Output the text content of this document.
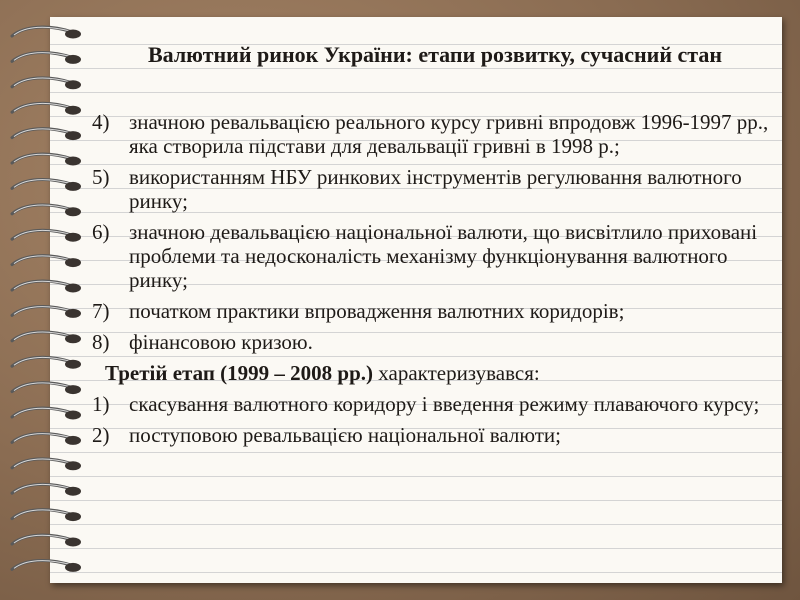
Валютний ринок України: етапи розвитку, сучасний стан
4) значною ревальвацією реального курсу гривні впродовж 1996-1997 рр., яка створила підстави для девальвації гривні в 1998 р.;
5) використанням НБУ ринкових інструментів регулювання валютного ринку;
6) значною девальвацією національної валюти, що висвітлило приховані проблеми та недосконалість механізму функціонування валютного ринку;
7) початком практики впровадження валютних коридорів;
8) фінансовою кризою.
Третій етап (1999 – 2008 рр.) характеризувався:
1) скасування валютного коридору і введення режиму плаваючого курсу;
2) поступовою ревальвацією національної валюти;
